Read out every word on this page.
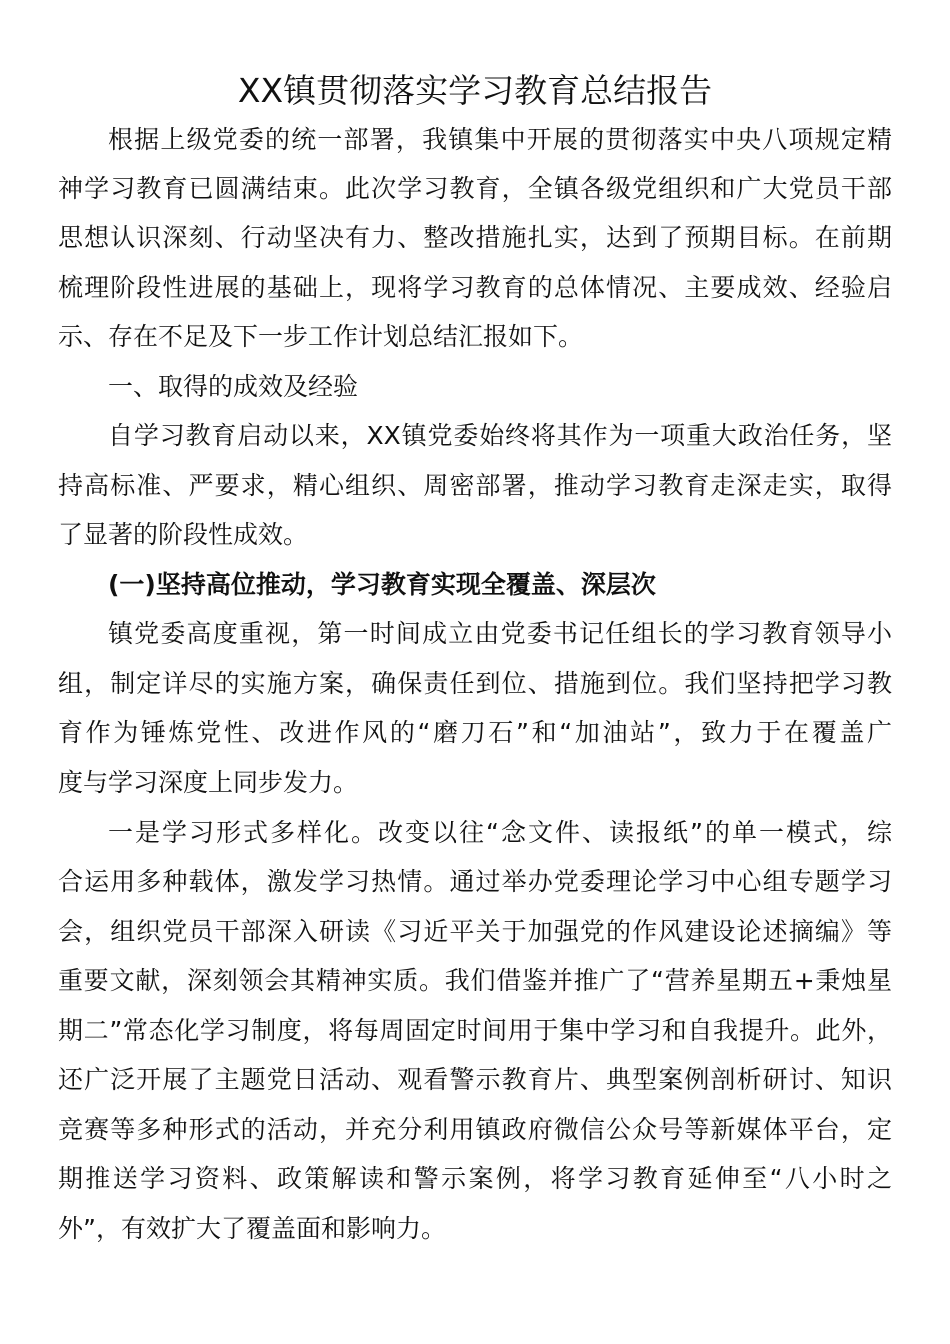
XX镇贯彻落实学习教育总结报告
根据上级党委的统一部署，我镇集中开展的贯彻落实中央八项规定精
神学习教育已圆满结束。此次学习教育，全镇各级党组织和广大党员干部
思想认识深刻、行动坚决有力、整改措施扎实，达到了预期目标。在前期
梳理阶段性进展的基础上，现将学习教育的总体情况、主要成效、经验启
示、存在不足及下一步工作计划总结汇报如下。
一、取得的成效及经验
自学习教育启动以来，XX镇党委始终将其作为一项重大政治任务，坚
持高标准、严要求，精心组织、周密部署，推动学习教育走深走实，取得
了显著的阶段性成效。
(一)坚持高位推动，学习教育实现全覆盖、深层次
镇党委高度重视，第一时间成立由党委书记任组长的学习教育领导小
组，制定详尽的实施方案，确保责任到位、措施到位。我们坚持把学习教
育作为锤炼党性、改进作风的“磨刀石”和“加油站”，致力于在覆盖广
度与学习深度上同步发力。
一是学习形式多样化。改变以往“念文件、读报纸”的单一模式，综
合运用多种载体，激发学习热情。通过举办党委理论学习中心组专题学习
会，组织党员干部深入研读《习近平关于加强党的作风建设论述摘编》等
重要文献，深刻领会其精神实质。我们借鉴并推广了“营养星期五+秉烛星
期二”常态化学习制度，将每周固定时间用于集中学习和自我提升。此外，
还广泛开展了主题党日活动、观看警示教育片、典型案例剖析研讨、知识
竞赛等多种形式的活动，并充分利用镇政府微信公众号等新媒体平台，定
期推送学习资料、政策解读和警示案例，将学习教育延伸至“八小时之
外”，有效扩大了覆盖面和影响力。
